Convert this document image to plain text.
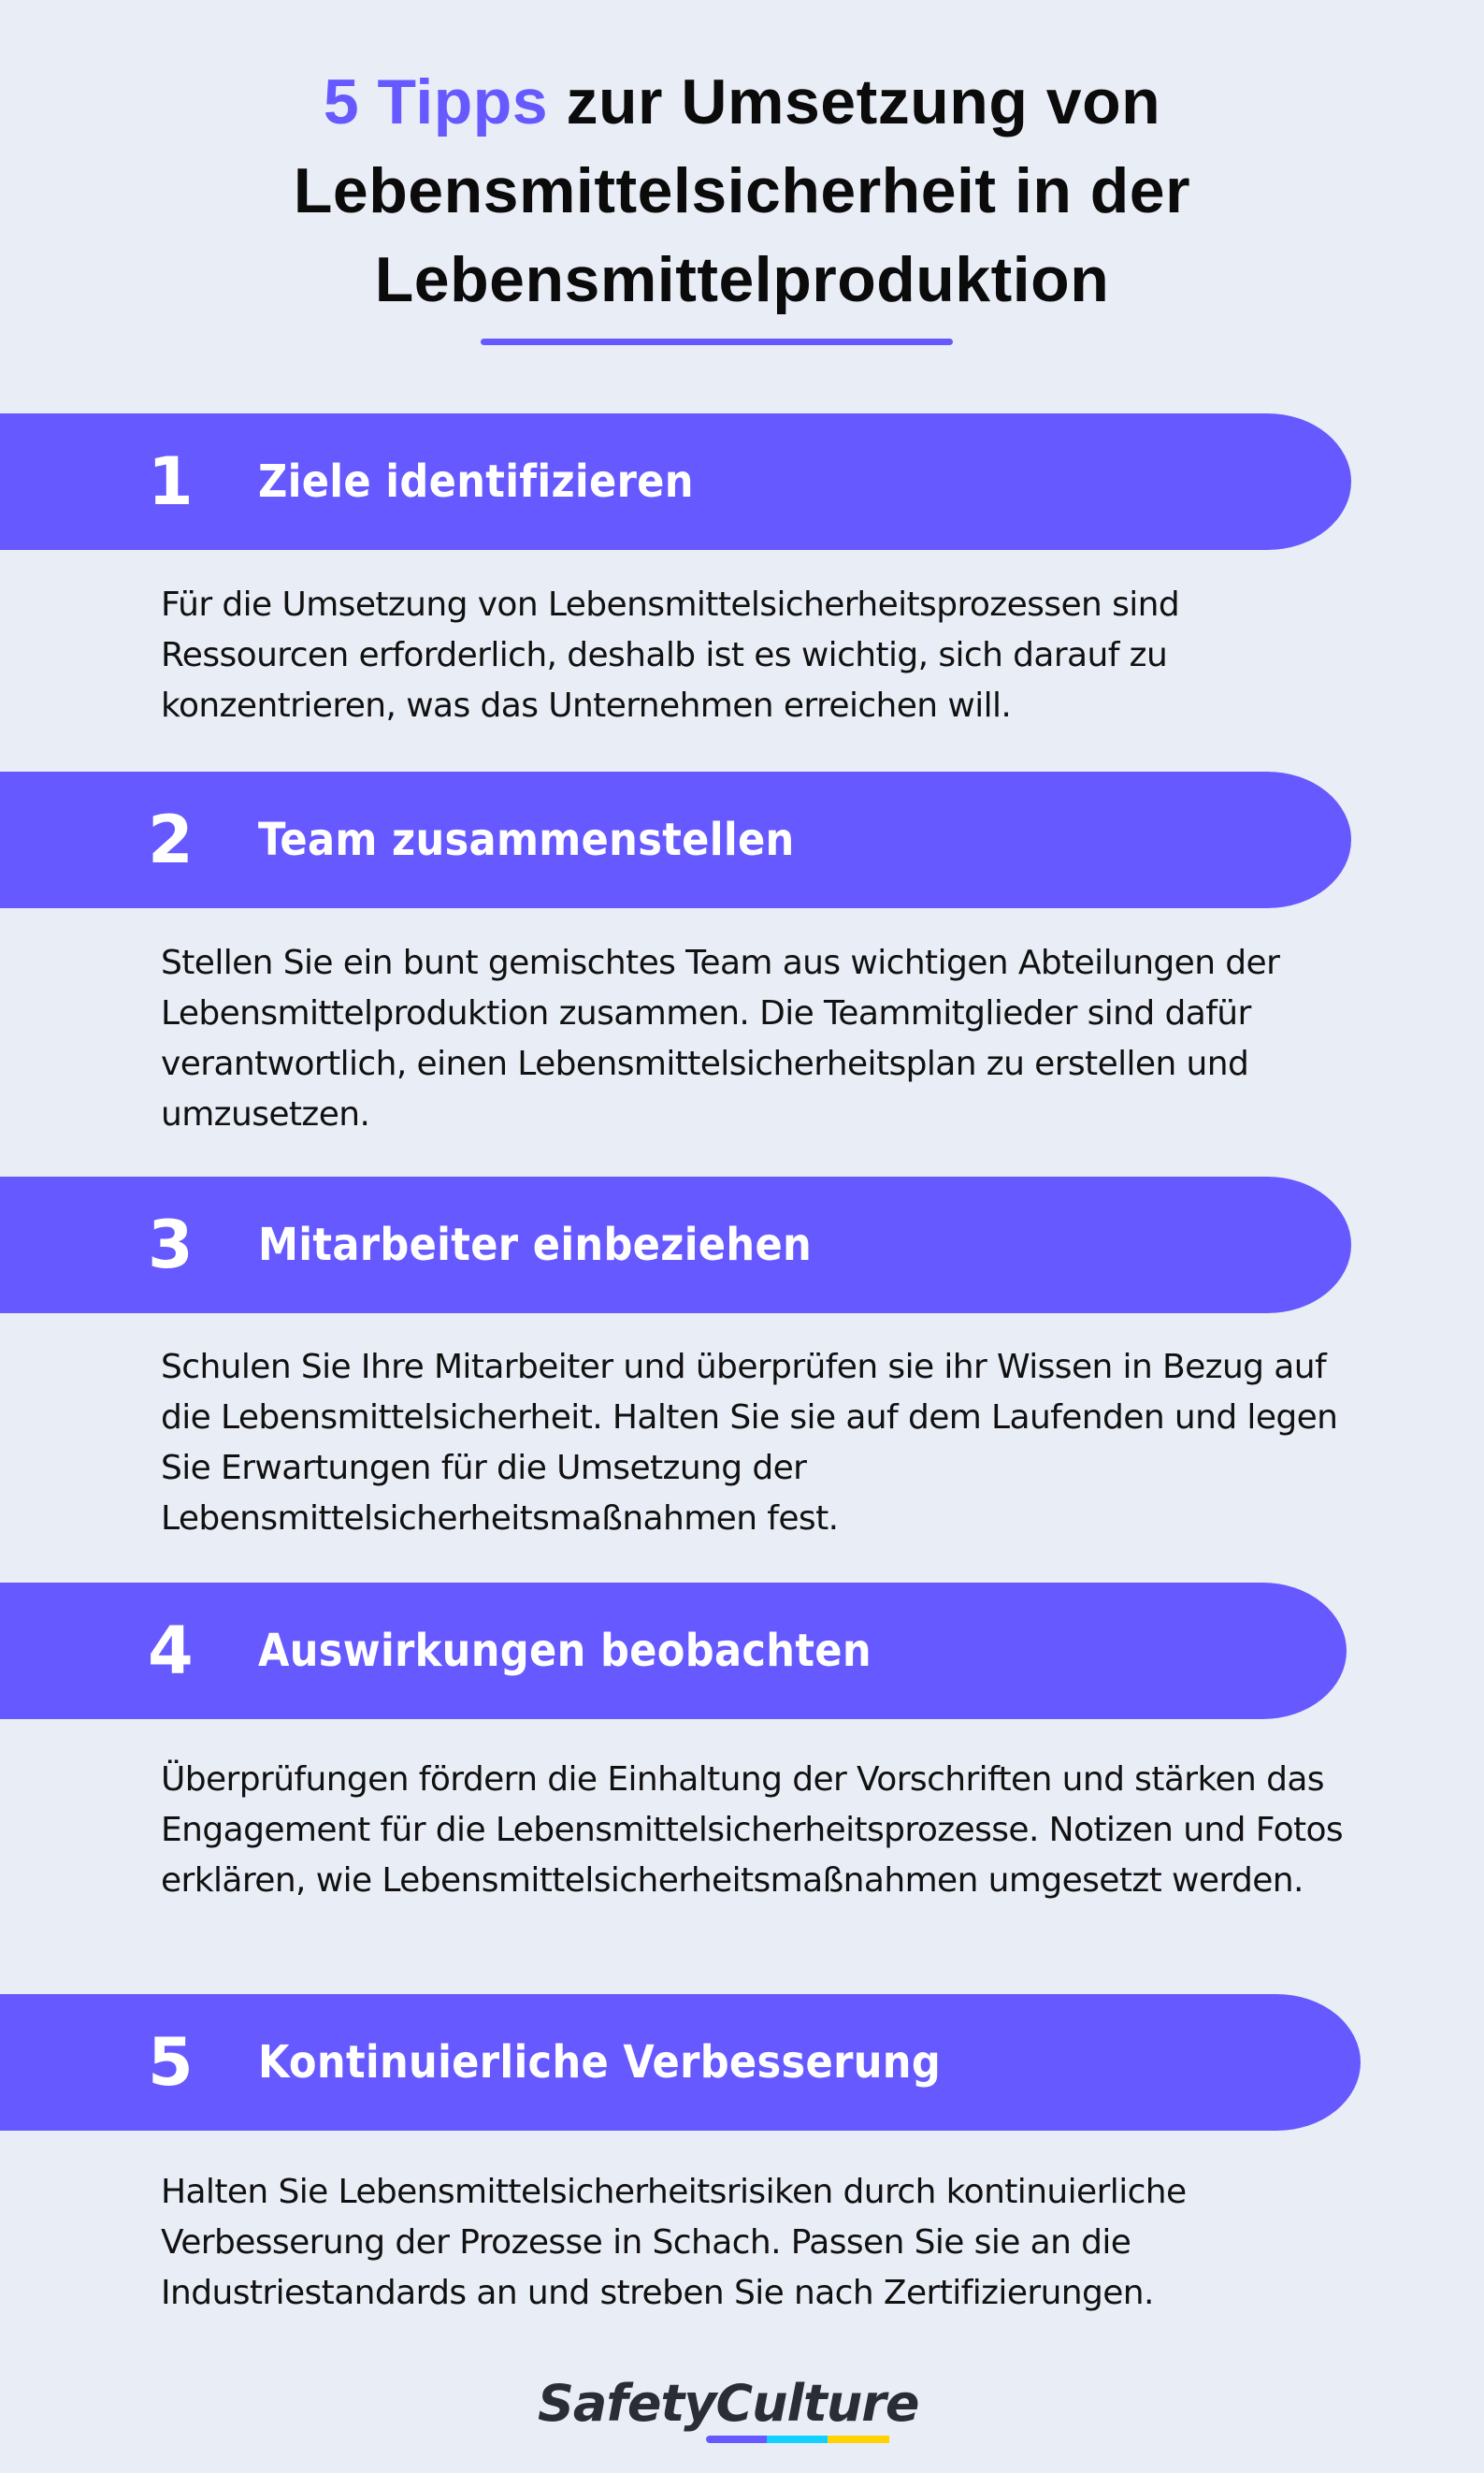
5 Tipps zur Umsetzung von
Lebensmittelsicherheit in der
Lebensmittelproduktion
1 Ziele identifizieren
Für die Umsetzung von Lebensmittelsicherheitsprozessen sind Ressourcen erforderlich, deshalb ist es wichtig, sich darauf zu konzentrieren, was das Unternehmen erreichen will.
2 Team zusammenstellen
Stellen Sie ein bunt gemischtes Team aus wichtigen Abteilungen der Lebensmittelproduktion zusammen. Die Teammitglieder sind dafür verantwortlich, einen Lebensmittelsicherheitsplan zu erstellen und umzusetzen.
3 Mitarbeiter einbeziehen
Schulen Sie Ihre Mitarbeiter und überprüfen sie ihr Wissen in Bezug auf die Lebensmittelsicherheit. Halten Sie sie auf dem Laufenden und legen Sie Erwartungen für die Umsetzung der Lebensmittelsicherheitsmaßnahmen fest.
4 Auswirkungen beobachten
Überprüfungen fördern die Einhaltung der Vorschriften und stärken das Engagement für die Lebensmittelsicherheitsprozesse. Notizen und Fotos erklären, wie Lebensmittelsicherheitsmaßnahmen umgesetzt werden.
5 Kontinuierliche Verbesserung
Halten Sie Lebensmittelsicherheitsrisiken durch kontinuierliche Verbesserung der Prozesse in Schach. Passen Sie sie an die Industriestandards an und streben Sie nach Zertifizierungen.
SafetyCulture
